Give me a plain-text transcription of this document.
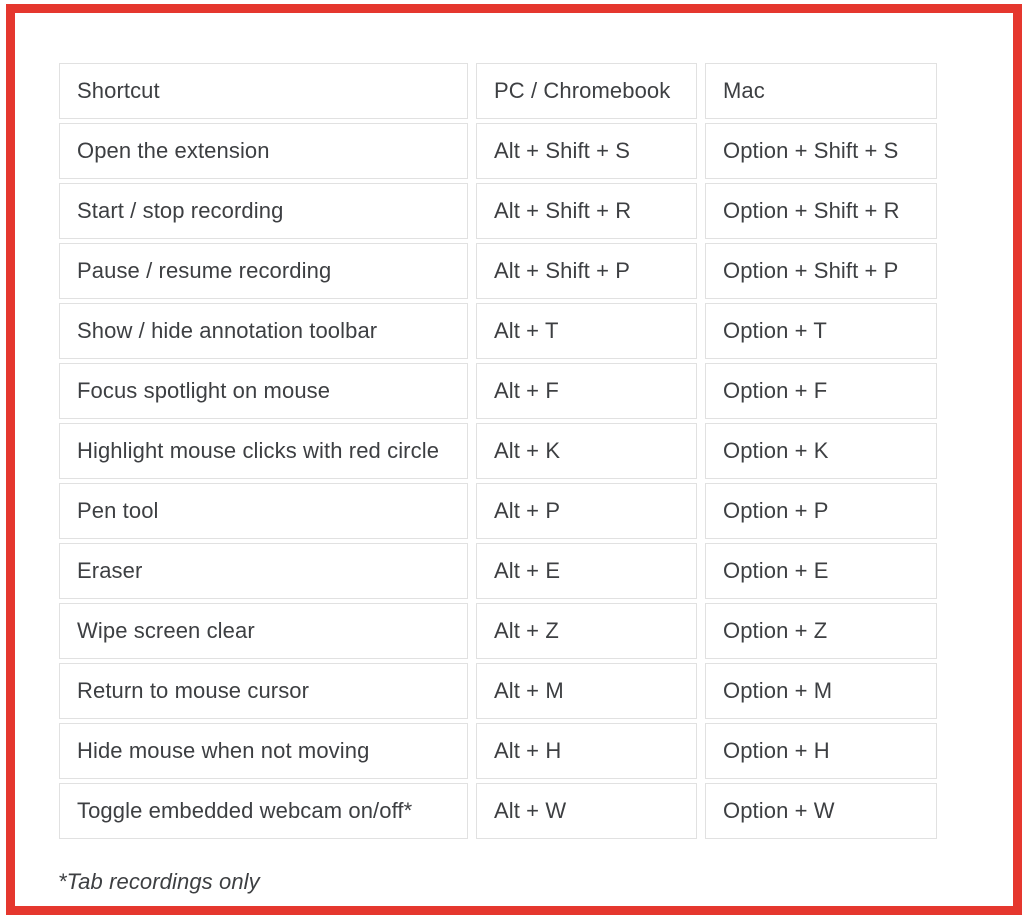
Shortcut	PC / Chromebook	Mac
Open the extension	Alt + Shift + S	Option + Shift + S
Start / stop recording	Alt + Shift + R	Option + Shift + R
Pause / resume recording	Alt + Shift + P	Option + Shift + P
Show / hide annotation toolbar	Alt + T	Option + T
Focus spotlight on mouse	Alt + F	Option + F
Highlight mouse clicks with red circle	Alt + K	Option + K
Pen tool	Alt + P	Option + P
Eraser	Alt + E	Option + E
Wipe screen clear	Alt + Z	Option + Z
Return to mouse cursor	Alt + M	Option + M
Hide mouse when not moving	Alt + H	Option + H
Toggle embedded webcam on/off*	Alt + W	Option + W
*Tab recordings only
